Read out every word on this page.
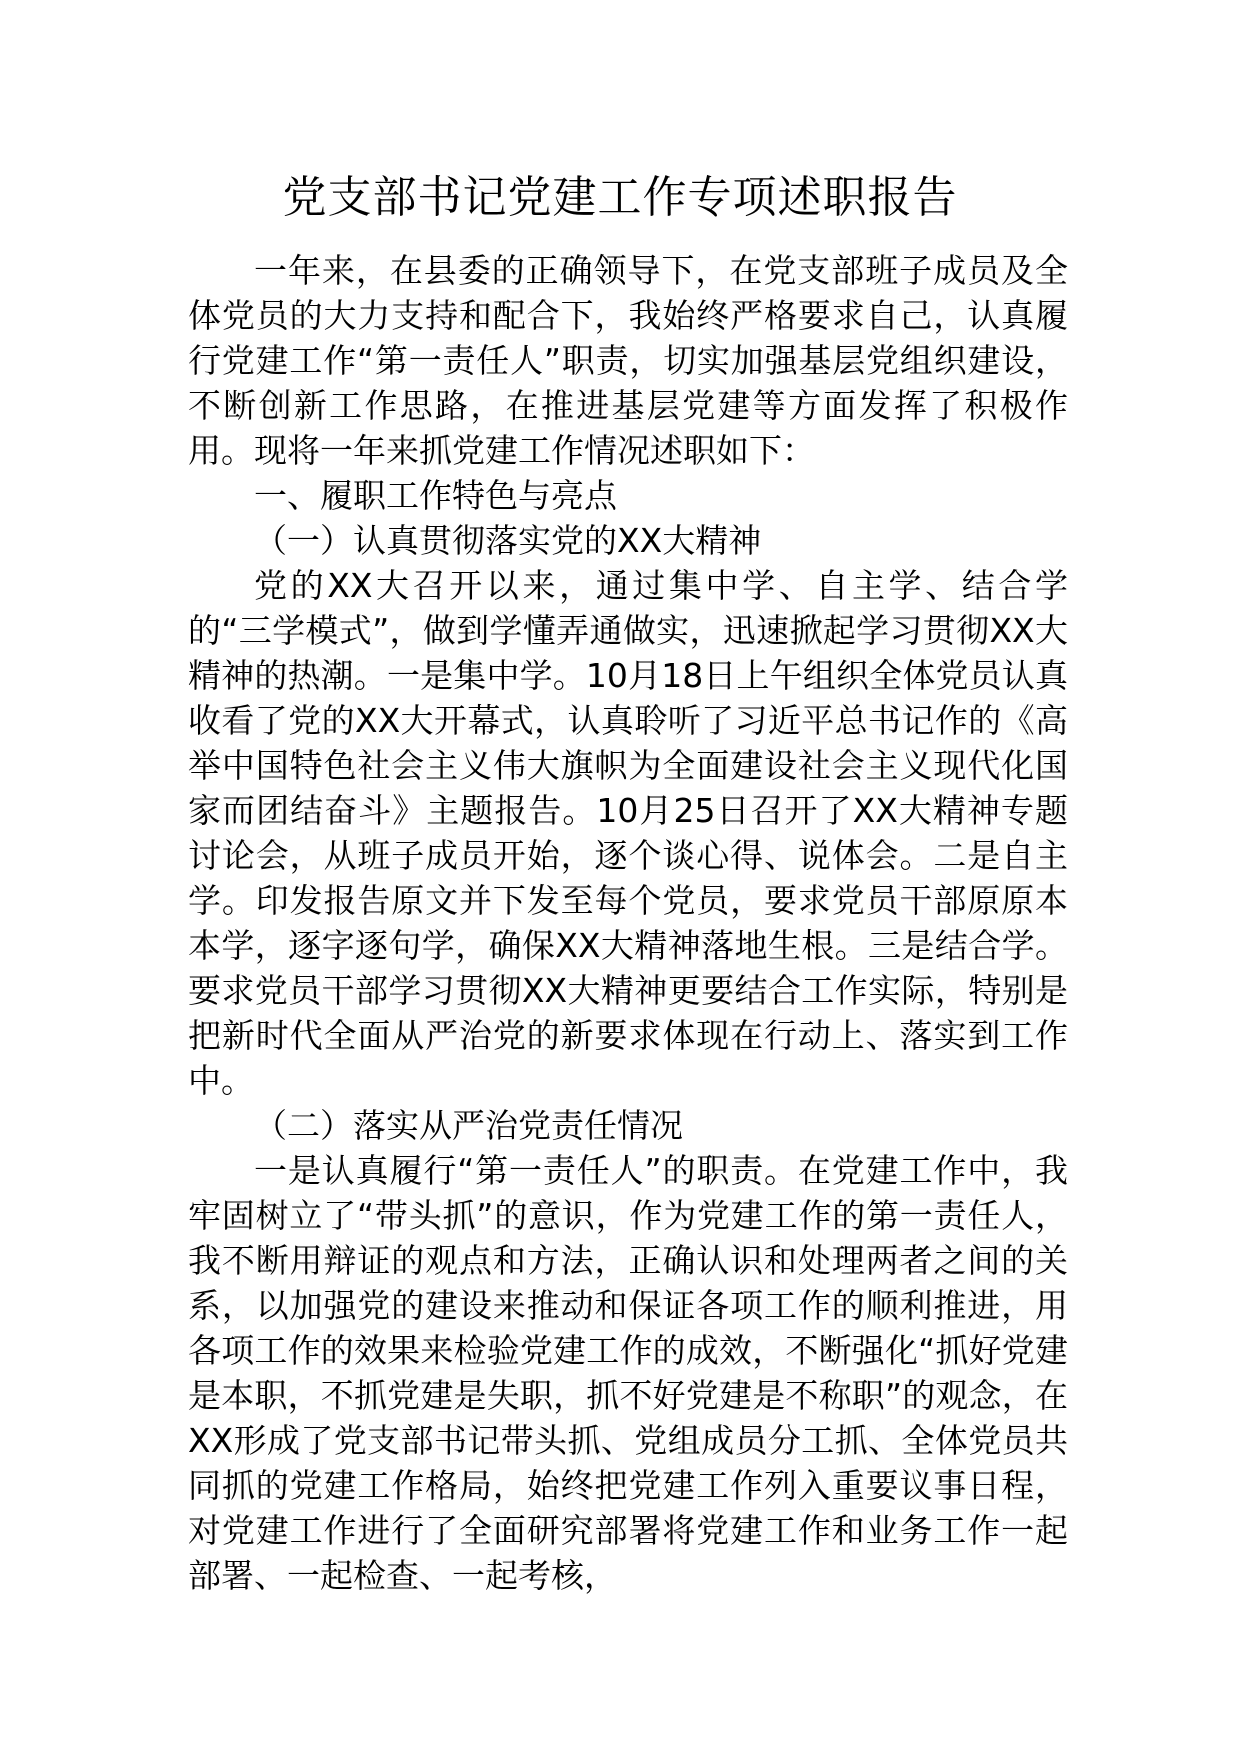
党支部书记党建工作专项述职报告

一年来，在县委的正确领导下，在党支部班子成员及全体党员的大力支持和配合下，我始终严格要求自己，认真履行党建工作“第一责任人”职责，切实加强基层党组织建设，不断创新工作思路，在推进基层党建等方面发挥了积极作用。现将一年来抓党建工作情况述职如下：

一、履职工作特色与亮点

（一）认真贯彻落实党的XX大精神

党的XX大召开以来，通过集中学、自主学、结合学的“三学模式”，做到学懂弄通做实，迅速掀起学习贯彻XX大精神的热潮。一是集中学。10月18日上午组织全体党员认真收看了党的XX大开幕式，认真聆听了习近平总书记作的《高举中国特色社会主义伟大旗帜为全面建设社会主义现代化国家而团结奋斗》主题报告。10月25日召开了XX大精神专题讨论会，从班子成员开始，逐个谈心得、说体会。二是自主学。印发报告原文并下发至每个党员，要求党员干部原原本本学，逐字逐句学，确保XX大精神落地生根。三是结合学。要求党员干部学习贯彻XX大精神更要结合工作实际，特别是把新时代全面从严治党的新要求体现在行动上、落实到工作中。

（二）落实从严治党责任情况

一是认真履行“第一责任人”的职责。在党建工作中，我牢固树立了“带头抓”的意识，作为党建工作的第一责任人，我不断用辩证的观点和方法，正确认识和处理两者之间的关系，以加强党的建设来推动和保证各项工作的顺利推进，用各项工作的效果来检验党建工作的成效，不断强化“抓好党建是本职，不抓党建是失职，抓不好党建是不称职”的观念，在XX形成了党支部书记带头抓、党组成员分工抓、全体党员共同抓的党建工作格局，始终把党建工作列入重要议事日程，对党建工作进行了全面研究部署将党建工作和业务工作一起部署、一起检查、一起考核，
